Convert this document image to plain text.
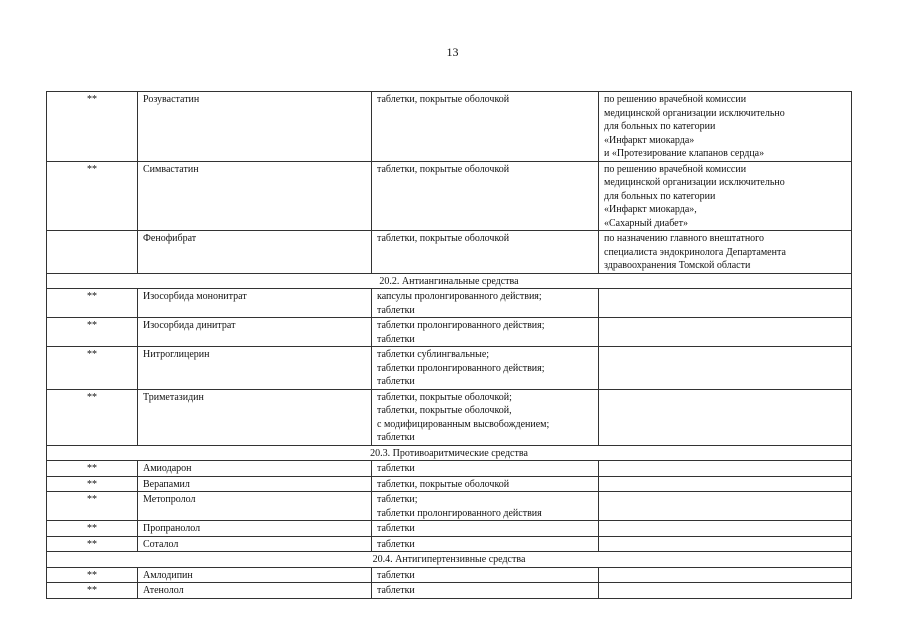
13
**	Розувастатин	таблетки, покрытые оболочкой	по решению врачебной комиссии
медицинской организации исключительно
для больных по категории
«Инфаркт миокарда»
и «Протезирование клапанов сердца»

**	Симвастатин	таблетки, покрытые оболочкой	по решению врачебной комиссии
медицинской организации исключительно
для больных по категории
«Инфаркт миокарда»,
«Сахарный диабет»

	Фенофибрат	таблетки, покрытые оболочкой	по назначению главного внештатного
специалиста эндокринолога Департамента
здравоохранения Томской области

20.2. Антиангинальные средства			
**	Изосорбида мононитрат	капсулы пролонгированного действия;
таблетки	

**	Изосорбида динитрат	таблетки пролонгированного действия;
таблетки	

**	Нитроглицерин	таблетки сублингвальные;
таблетки пролонгированного действия;
таблетки	

**	Триметазидин	таблетки, покрытые оболочкой;
таблетки, покрытые оболочкой,
с модифицированным высвобождением;
таблетки	

20.3. Противоаритмические средства			
**	Амиодарон	таблетки	

**	Верапамил	таблетки, покрытые оболочкой	

**	Метопролол	таблетки;
таблетки пролонгированного действия	

**	Пропранолол	таблетки	

**	Соталол	таблетки	

20.4. Антигипертензивные средства			
**	Амлодипин	таблетки	

**	Атенолол	таблетки	
